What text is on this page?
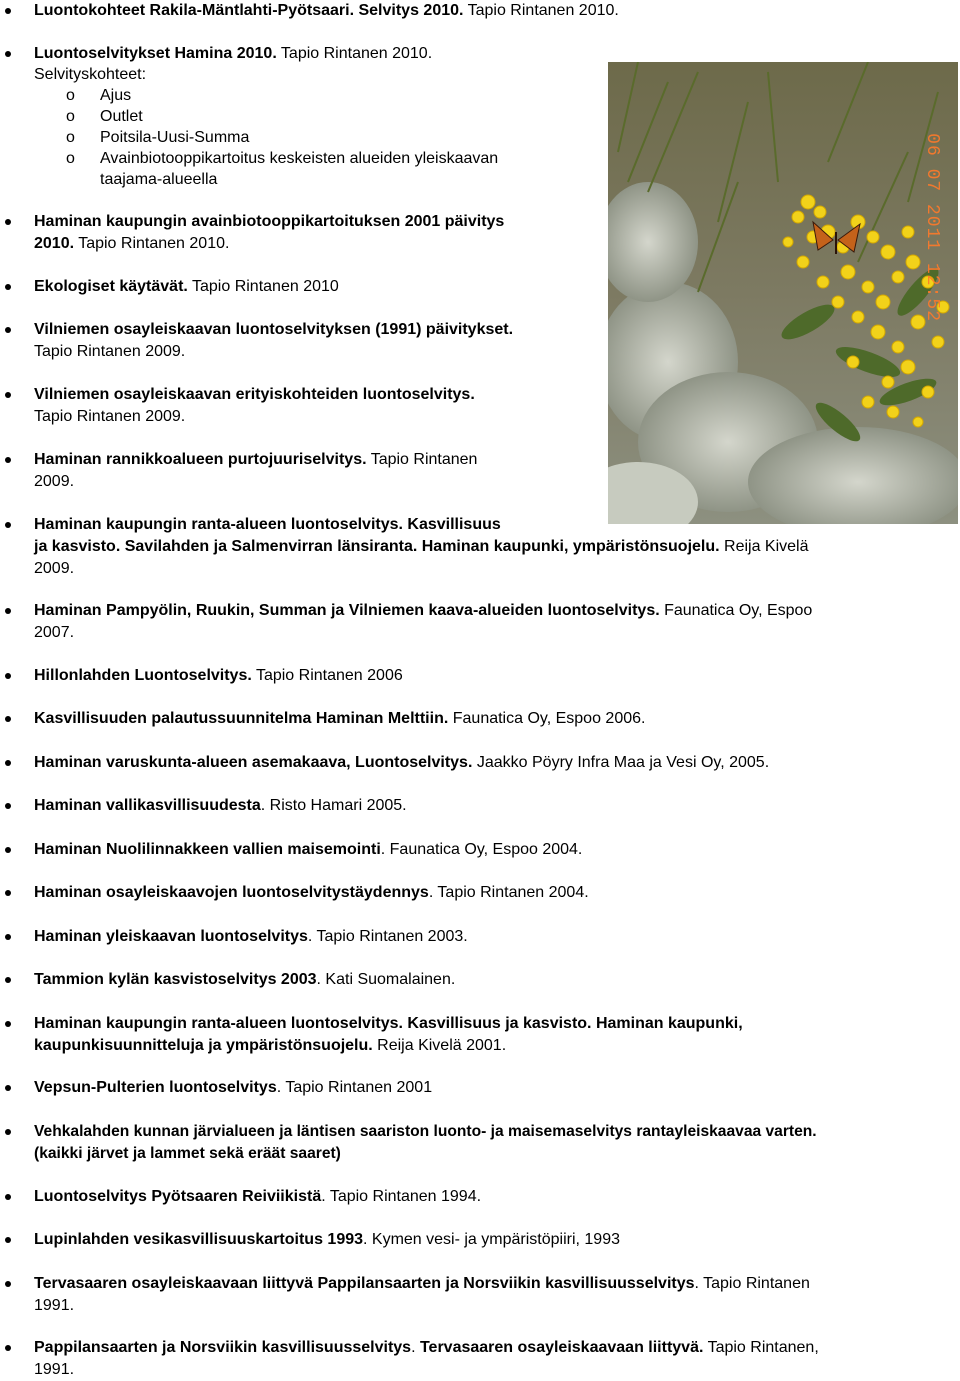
Luontokohteet Rakila-Mäntlahti-Pyötsaari. Selvitys 2010. Tapio Rintanen 2010.
Luontoselvitykset Hamina 2010. Tapio Rintanen 2010.
Selvityskohteet:
o Ajus
o Outlet
o Poitsila-Uusi-Summa
o Avainbiotooppikartoitus keskeisten alueiden yleiskaavan
taajama-alueella
Haminan kaupungin avainbiotooppikartoituksen 2001 päivitys
2010. Tapio Rintanen 2010.
Ekologiset käytävät. Tapio Rintanen 2010
Vilniemen osayleiskaavan luontoselvityksen (1991) päivitykset.
Tapio Rintanen 2009.
Vilniemen osayleiskaavan erityiskohteiden luontoselvitys.
Tapio Rintanen 2009.
Haminan rannikkoalueen purtojuuriselvitys. Tapio Rintanen
2009.
Haminan kaupungin ranta-alueen luontoselvitys. Kasvillisuus
ja kasvisto. Savilahden ja Salmenvirran länsiranta. Haminan kaupunki, ympäristönsuojelu. Reija Kivelä
2009.
Haminan Pampyölin, Ruukin, Summan ja Vilniemen kaava-alueiden luontoselvitys. Faunatica Oy, Espoo
2007.
Hillonlahden Luontoselvitys. Tapio Rintanen 2006
Kasvillisuuden palautussuunnitelma Haminan Melttiin. Faunatica Oy, Espoo 2006.
Haminan varuskunta-alueen asemakaava, Luontoselvitys. Jaakko Pöyry Infra Maa ja Vesi Oy, 2005.
Haminan vallikasvillisuudesta. Risto Hamari 2005.
Haminan Nuolilinnakkeen vallien maisemointi. Faunatica Oy, Espoo 2004.
Haminan osayleiskaavojen luontoselvitystäydennys. Tapio Rintanen 2004.
Haminan yleiskaavan luontoselvitys. Tapio Rintanen 2003.
Tammion kylän kasvistoselvitys 2003. Kati Suomalainen.
Haminan kaupungin ranta-alueen luontoselvitys. Kasvillisuus ja kasvisto. Haminan kaupunki,
kaupunkisuunnitteluja ja ympäristönsuojelu. Reija Kivelä 2001.
Vepsun-Pulterien luontoselvitys. Tapio Rintanen 2001
Vehkalahden kunnan järvialueen ja läntisen saariston luonto- ja maisemaselvitys rantayleiskaavaa varten.
(kaikki järvet ja lammet sekä eräät saaret)
Luontoselvitys Pyötsaaren Reiviikistä. Tapio Rintanen 1994.
Lupinlahden vesikasvillisuuskartoitus 1993. Kymen vesi- ja ympäristöpiiri, 1993
Tervasaaren osayleiskaavaan liittyvä Pappilansaarten ja Norsviikin kasvillisuusselvitys. Tapio Rintanen
1991.
Pappilansaarten ja Norsviikin kasvillisuusselvitys. Tervasaaren osayleiskaavaan liittyvä. Tapio Rintanen,
1991.
06 07 2011 12:52
